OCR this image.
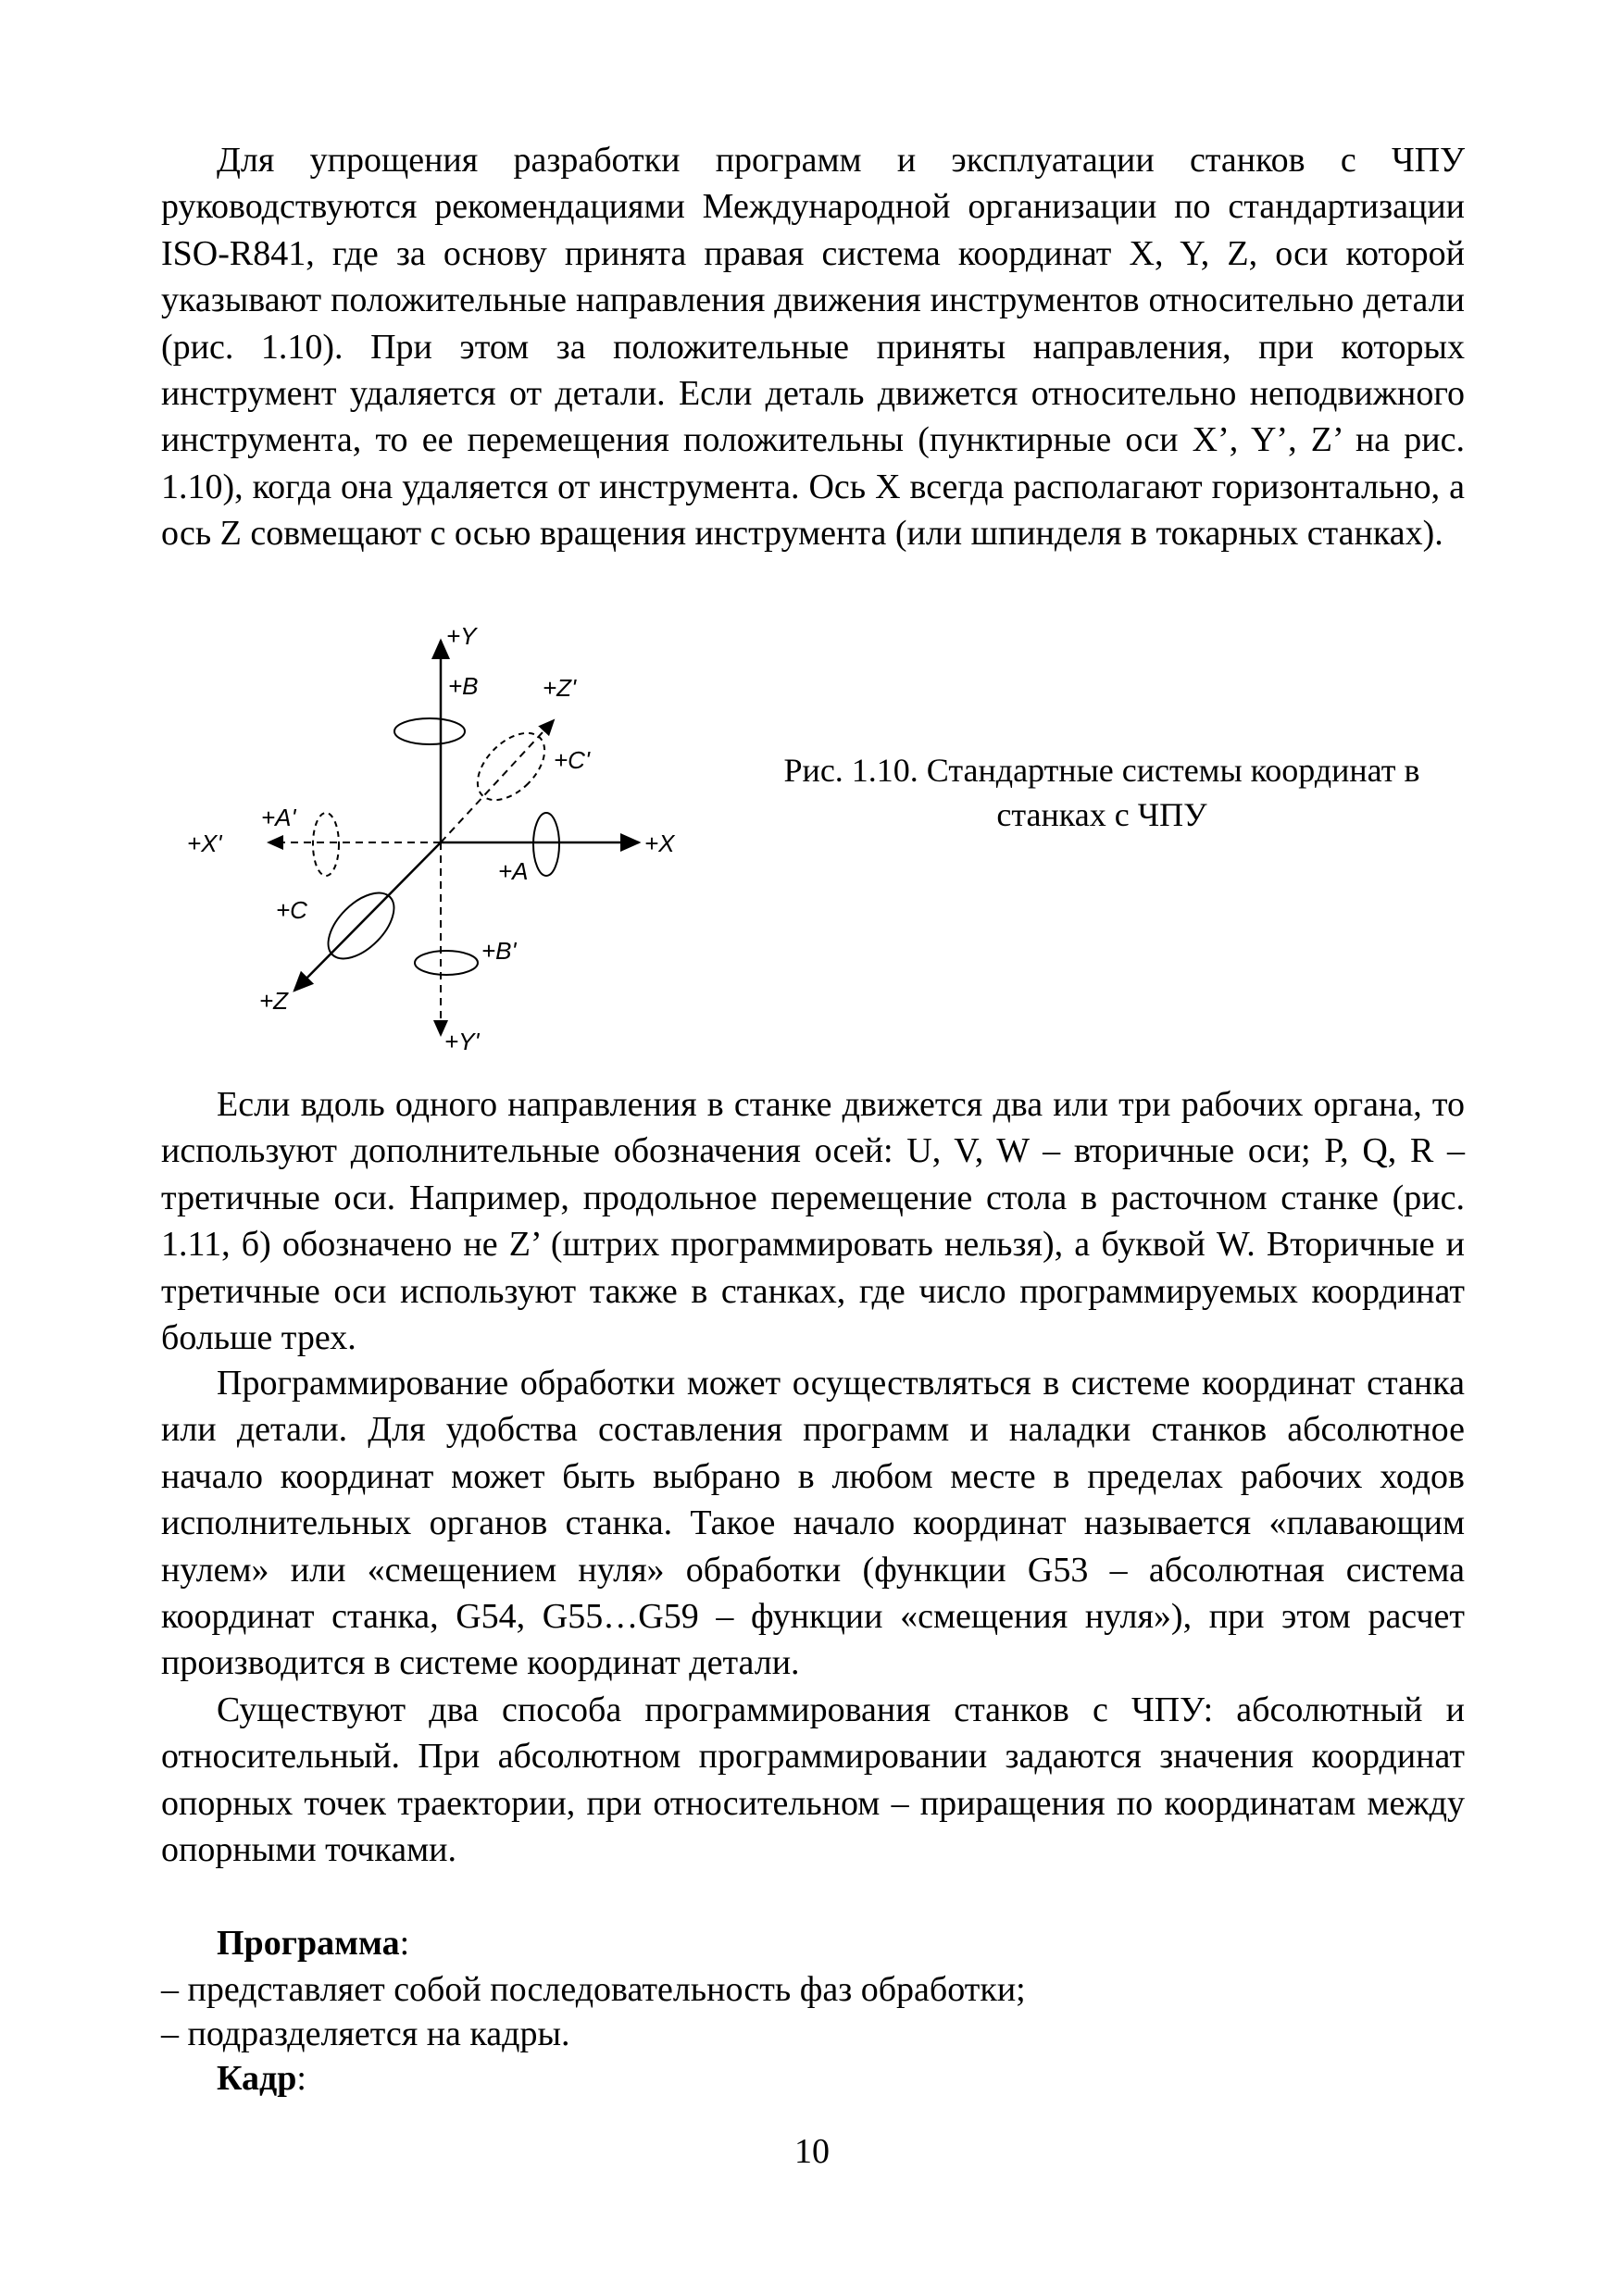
Для упрощения разработки программ и эксплуатации станков с ЧПУ руководствуются рекомендациями Международной организации по стандартизации ISO-R841, где за основу принята правая система координат X, Y, Z, оси которой указывают положительные направления движения инструментов относительно детали (рис. 1.10). При этом за положительные приняты направления, при которых инструмент удаляется от детали. Если деталь движется относительно неподвижного инструмента, то ее перемещения положительны (пунктирные оси X’, Y’, Z’ на рис. 1.10), когда она удаляется от инструмента. Ось X всегда располагают горизонтально, а ось Z совмещают с осью вращения инструмента (или шпинделя в токарных станках).

+Y
+B	+Z'
+C'
+X'
+A'
+X
+A
+C
+B'
+Z
+Y'
Рис. 1.10. Стандартные системы координат в станках с ЧПУ

Если вдоль одного направления в станке движется два или три рабочих органа, то используют дополнительные обозначения осей: U, V, W – вторичные оси; P, Q, R – третичные оси. Например, продольное перемещение стола в расточном станке (рис. 1.11, б) обозначено не Z’ (штрих программировать нельзя), а буквой W. Вторичные и третичные оси используют также в станках, где число программируемых координат больше трех.

Программирование обработки может осуществляться в системе координат станка или детали. Для удобства составления программ и наладки станков абсолютное начало координат может быть выбрано в любом месте в пределах рабочих ходов исполнительных органов станка. Такое начало координат называется «плавающим нулем» или «смещением нуля» обработки (функции G53 – абсолютная система координат станка, G54, G55…G59 – функции «смещения нуля»), при этом расчет производится в системе координат детали.

Существуют два способа программирования станков с ЧПУ: абсолютный и относительный. При абсолютном программировании задаются значения координат опорных точек траектории, при относительном – приращения по координатам между опорными точками.

Программа:
– представляет собой последовательность фаз обработки;
– подразделяется на кадры.
Кадр:
10
